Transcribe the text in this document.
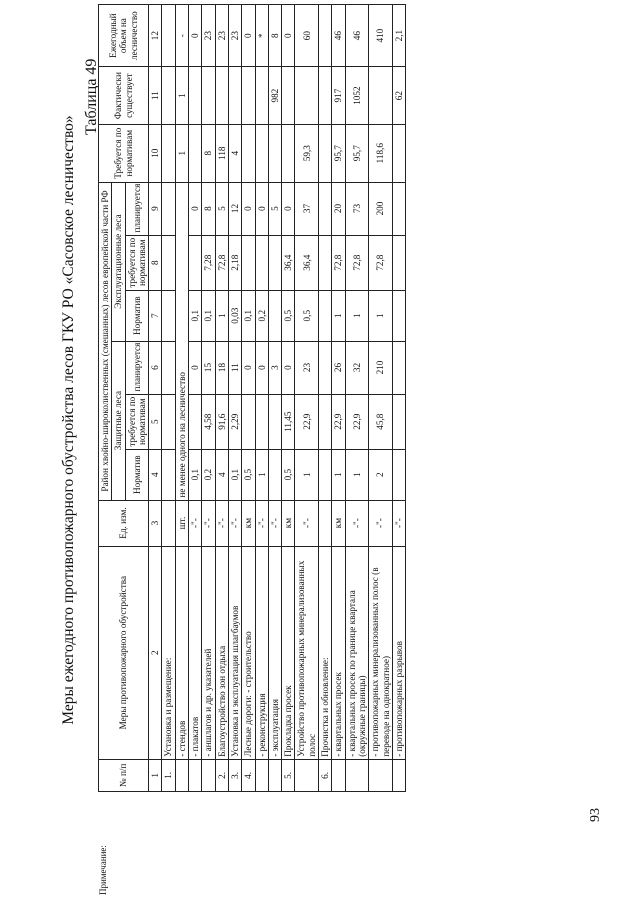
Меры ежегодного противопожарного обустройства лесов ГКУ РО «Сасовское лесничество»
Таблица 49
93
Примечание:
№ п/п	Меры противопожарного обустройства	Ед. изм.	Район хвойно-широколиственных (смешанных) лесов европейской части РФ						Требуется по нормативам	Фактически существует	Ежегодный объем на лесничество
			Защитные леса			Эксплуатационные леса					
			Норматив	требуется по нормативам	планируется	Норматив	требуется по нормативам	планируется			
1	2	3	4	5	6	7	8	9	10	11	12
1.	Установка и размещение:										
	- стендов	шт.	не менее одного на лесничество						1	1	-
	- плакатов	-"-	0,1		0	0,1		0			0
	- аншлагов и др. указателей	-"-	0,2	4,58	15	0,1	7,28	8	8		23
2.	Благоустройство зон отдыха	-"-	4	91,6	18	1	72,8	5	118		23
3.	Установка и эксплуатация шлагбаумов	-"-	0,1	2,29	11	0,03	2,18	12	4		23
4.	Лесные дороги: - строительство	км	0,5		0	0,1		0			0
	- реконструкция	-"-	1		0	0,2		0			*
	- эксплуатация	-"-			3			5		982	8
5.	Прокладка просек	км	0,5	11,45	0	0,5	36,4	0			0
	Устройство противопожарных минерализованных полос	-"-	1	22,9	23	0,5	36,4	37	59,3		60
6.	Прочистка и обновление:										
	- квартальных просек	км	1	22,9	26	1	72,8	20	95,7	917	46
	- квартальных просек по границе квартала (окружные границы)	-"-	1	22,9	32	1	72,8	73	95,7	1052	46
	- противопожарных минерализованных полос (в переводе на однократное)	-"-	2	45,8	210	1	72,8	200	118,6		410
	- противопожарных разрывов	-"-								62	2,1
